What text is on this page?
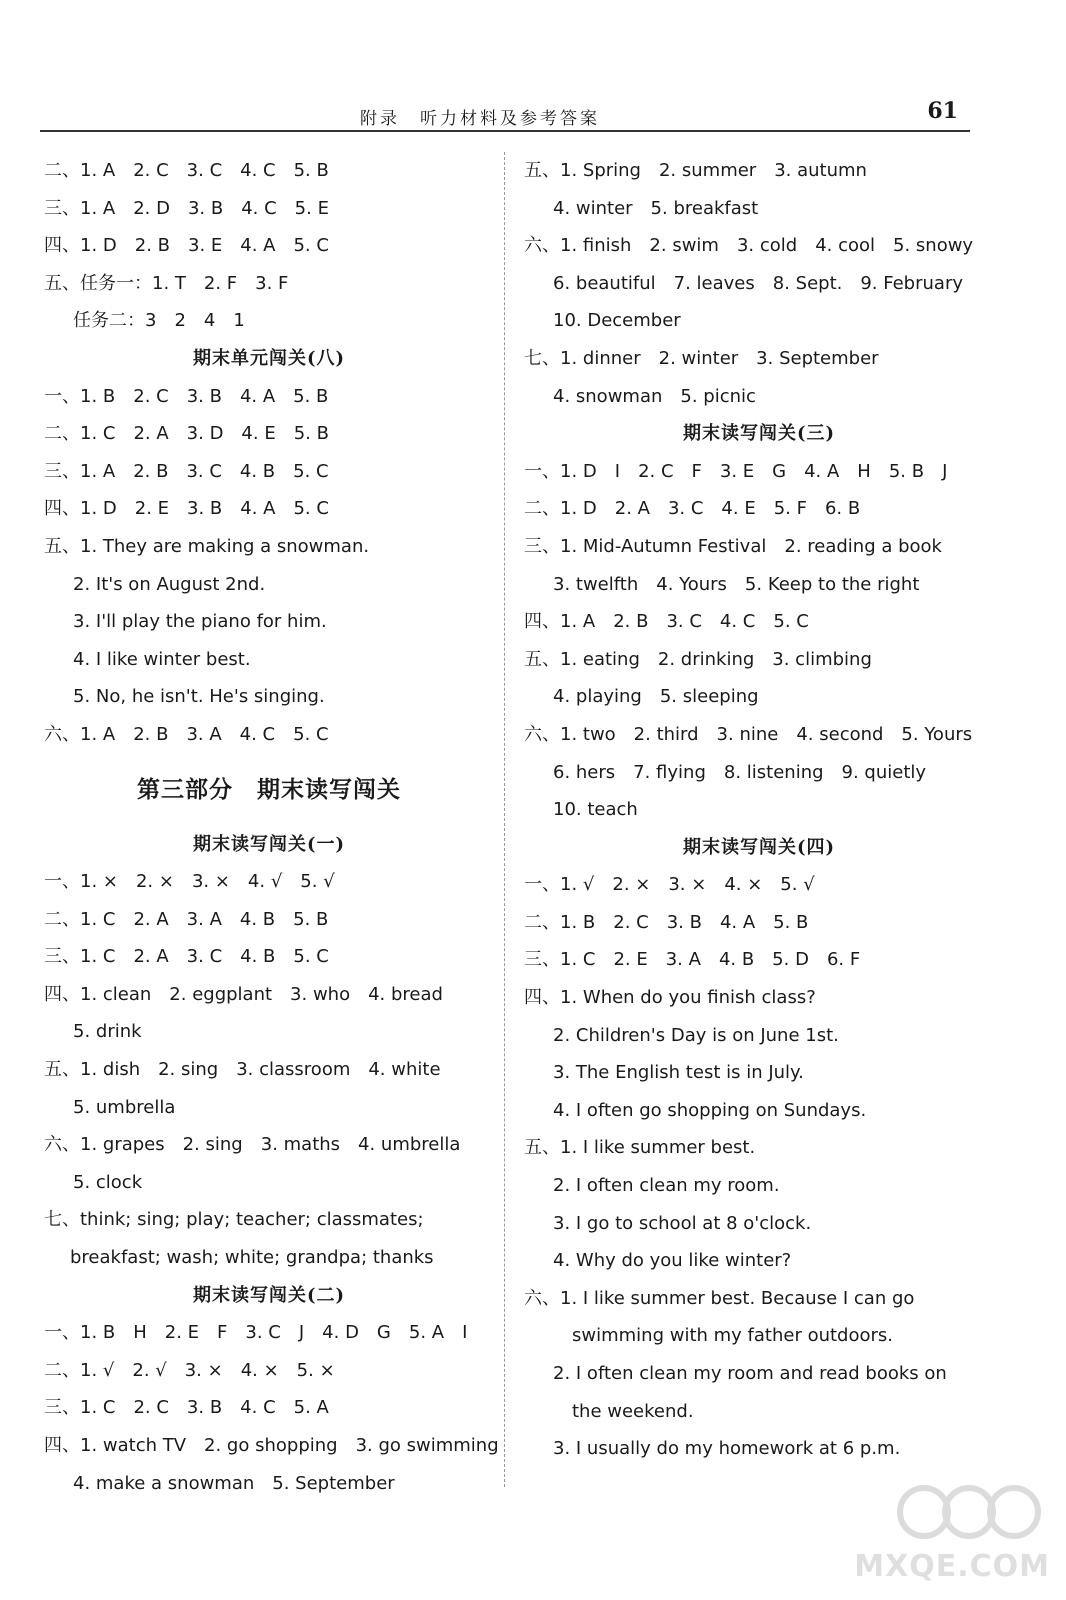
附录　听力材料及参考答案	61
二、1. A　2. C　3. C　4. C　5. B
三、1. A　2. D　3. B　4. C　5. E
四、1. D　2. B　3. E　4. A　5. C
五、任务一：1. T　2. F　3. F
任务二：3　2　4　1
期末单元闯关(八)
一、1. B　2. C　3. B　4. A　5. B
二、1. C　2. A　3. D　4. E　5. B
三、1. A　2. B　3. C　4. B　5. C
四、1. D　2. E　3. B　4. A　5. C
五、1. They are making a snowman.
2. It's on August 2nd.
3. I'll play the piano for him.
4. I like winter best.
5. No, he isn't. He's singing.
六、1. A　2. B　3. A　4. C　5. C
第三部分　期末读写闯关
期末读写闯关(一)
一、1. ×　2. ×　3. ×　4. √　5. √
二、1. C　2. A　3. A　4. B　5. B
三、1. C　2. A　3. C　4. B　5. C
四、1. clean　2. eggplant　3. who　4. bread
5. drink
五、1. dish　2. sing　3. classroom　4. white
5. umbrella
六、1. grapes　2. sing　3. maths　4. umbrella
5. clock
七、think; sing; play; teacher; classmates;
breakfast; wash; white; grandpa; thanks
期末读写闯关(二)
一、1. B　H　2. E　F　3. C　J　4. D　G　5. A　I
二、1. √　2. √　3. ×　4. ×　5. ×
三、1. C　2. C　3. B　4. C　5. A
四、1. watch TV　2. go shopping　3. go swimming
4. make a snowman　5. September
五、1. Spring　2. summer　3. autumn
4. winter　5. breakfast
六、1. finish　2. swim　3. cold　4. cool　5. snowy
6. beautiful　7. leaves　8. Sept.　9. February
10. December
七、1. dinner　2. winter　3. September
4. snowman　5. picnic
期末读写闯关(三)
一、1. D　I　2. C　F　3. E　G　4. A　H　5. B　J
二、1. D　2. A　3. C　4. E　5. F　6. B
三、1. Mid-Autumn Festival　2. reading a book
3. twelfth　4. Yours　5. Keep to the right
四、1. A　2. B　3. C　4. C　5. C
五、1. eating　2. drinking　3. climbing
4. playing　5. sleeping
六、1. two　2. third　3. nine　4. second　5. Yours
6. hers　7. flying　8. listening　9. quietly
10. teach
期末读写闯关(四)
一、1. √　2. ×　3. ×　4. ×　5. √
二、1. B　2. C　3. B　4. A　5. B
三、1. C　2. E　3. A　4. B　5. D　6. F
四、1. When do you finish class?
2. Children's Day is on June 1st.
3. The English test is in July.
4. I often go shopping on Sundays.
五、1. I like summer best.
2. I often clean my room.
3. I go to school at 8 o'clock.
4. Why do you like winter?
六、1. I like summer best. Because I can go
swimming with my father outdoors.
2. I often clean my room and read books on
the weekend.
3. I usually do my homework at 6 p.m.
MXQE.COM
